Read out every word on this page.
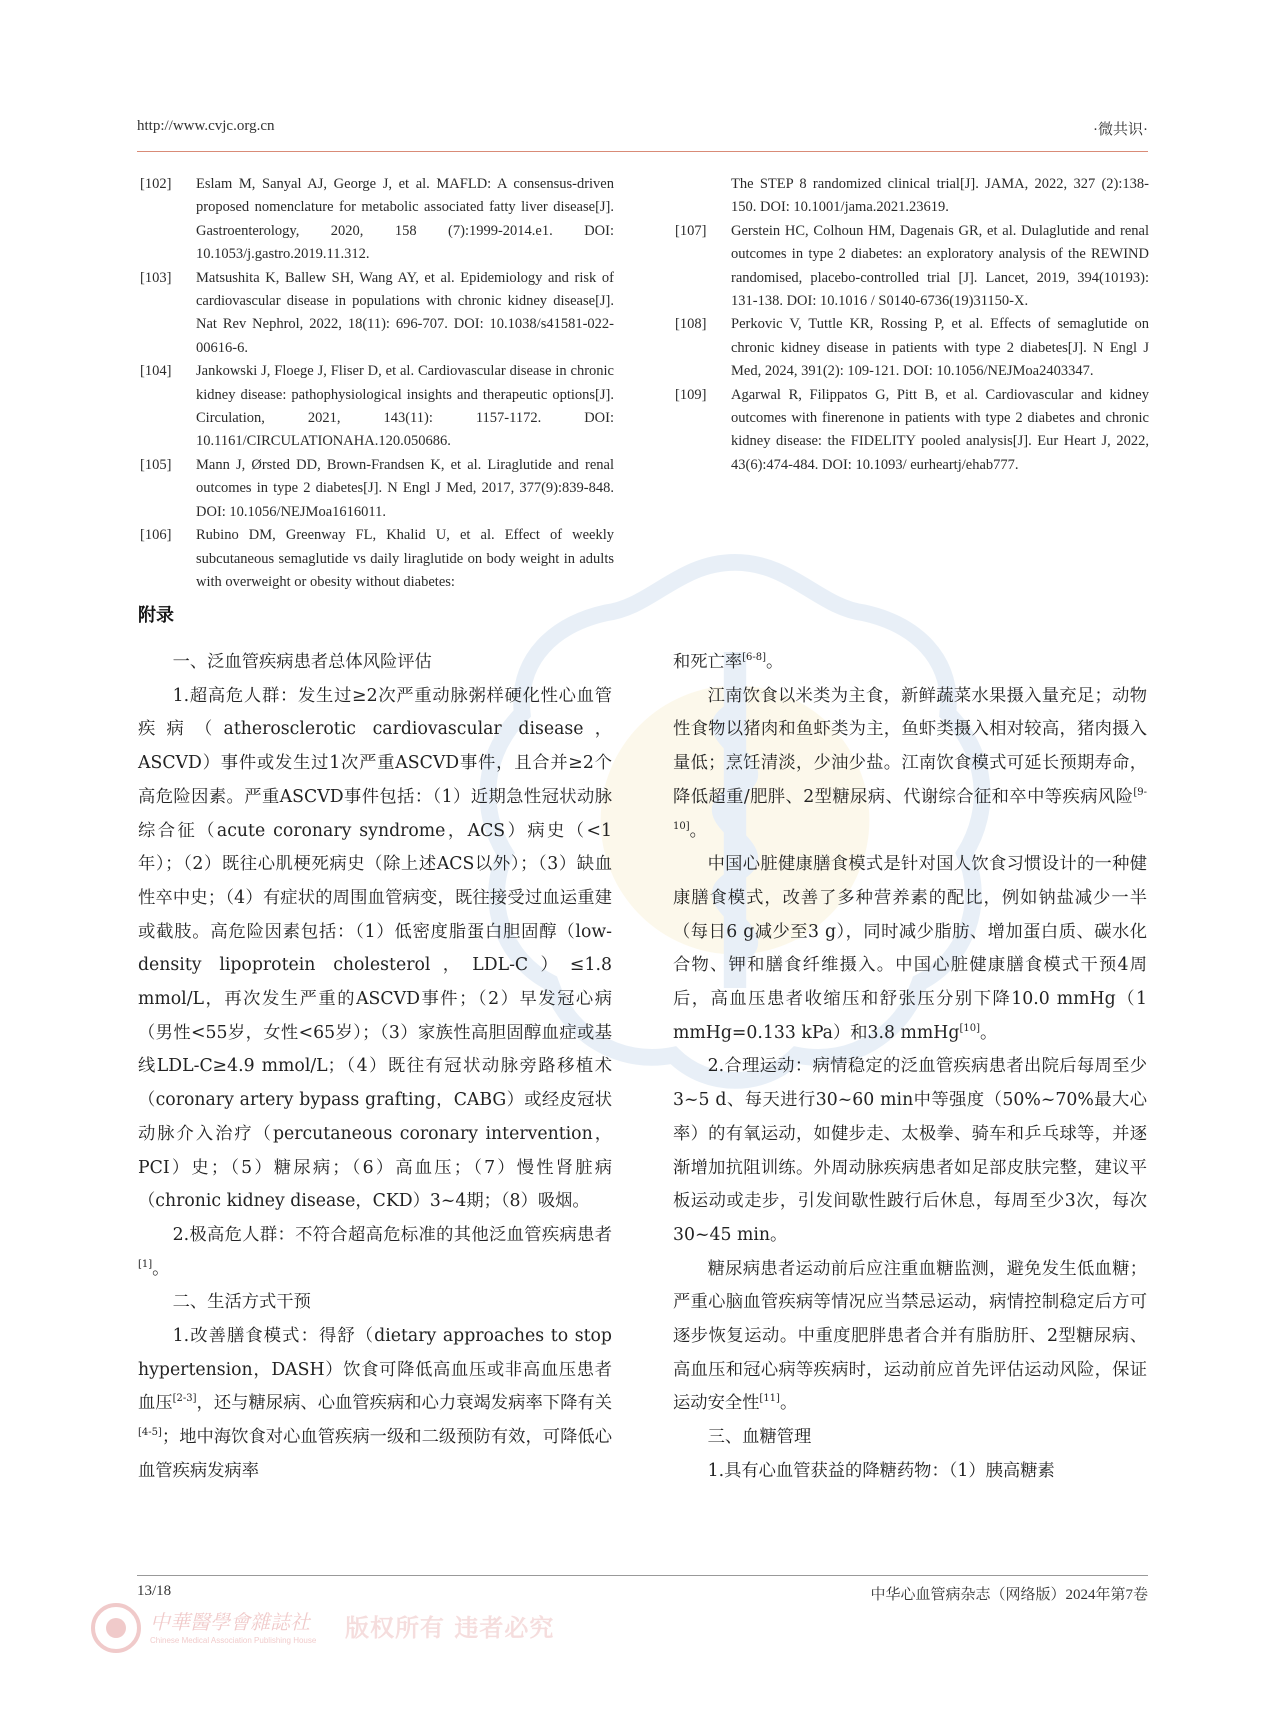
http://www.cvjc.org.cn	·微共识·
[102] Eslam M, Sanyal AJ, George J, et al. MAFLD: A consensus-driven proposed nomenclature for metabolic associated fatty liver disease[J]. Gastroenterology, 2020, 158 (7):1999-2014.e1. DOI: 10.1053/j.gastro.2019.11.312.
[103] Matsushita K, Ballew SH, Wang AY, et al. Epidemiology and risk of cardiovascular disease in populations with chronic kidney disease[J]. Nat Rev Nephrol, 2022, 18(11): 696-707. DOI: 10.1038/s41581-022-00616-6.
[104] Jankowski J, Floege J, Fliser D, et al. Cardiovascular disease in chronic kidney disease: pathophysiological insights and therapeutic options[J]. Circulation, 2021, 143(11): 1157-1172. DOI: 10.1161/CIRCULATIONAHA.120.050686.
[105] Mann J, Ørsted DD, Brown-Frandsen K, et al. Liraglutide and renal outcomes in type 2 diabetes[J]. N Engl J Med, 2017, 377(9):839-848. DOI: 10.1056/NEJMoa1616011.
[106] Rubino DM, Greenway FL, Khalid U, et al. Effect of weekly subcutaneous semaglutide vs daily liraglutide on body weight in adults with overweight or obesity without diabetes:
The STEP 8 randomized clinical trial[J]. JAMA, 2022, 327 (2):138-150. DOI: 10.1001/jama.2021.23619.
[107] Gerstein HC, Colhoun HM, Dagenais GR, et al. Dulaglutide and renal outcomes in type 2 diabetes: an exploratory analysis of the REWIND randomised, placebo-controlled trial [J]. Lancet, 2019, 394(10193): 131-138. DOI: 10.1016 / S0140-6736(19)31150-X.
[108] Perkovic V, Tuttle KR, Rossing P, et al. Effects of semaglutide on chronic kidney disease in patients with type 2 diabetes[J]. N Engl J Med, 2024, 391(2): 109-121. DOI: 10.1056/NEJMoa2403347.
[109] Agarwal R, Filippatos G, Pitt B, et al. Cardiovascular and kidney outcomes with finerenone in patients with type 2 diabetes and chronic kidney disease: the FIDELITY pooled analysis[J]. Eur Heart J, 2022, 43(6):474-484. DOI: 10.1093/ eurheartj/ehab777.
附录

一、泛血管疾病患者总体风险评估

1.超高危人群：发生过≥2次严重动脉粥样硬化性心血管疾病（atherosclerotic cardiovascular disease，ASCVD）事件或发生过1次严重ASCVD事件，且合并≥2个高危险因素。严重ASCVD事件包括：（1）近期急性冠状动脉综合征（acute coronary syndrome，ACS）病史（<1年）；（2）既往心肌梗死病史（除上述ACS以外）；（3）缺血性卒中史；（4）有症状的周围血管病变，既往接受过血运重建或截肢。高危险因素包括：（1）低密度脂蛋白胆固醇（low-density lipoprotein cholesterol，LDL-C）≤1.8 mmol/L，再次发生严重的ASCVD事件；（2）早发冠心病（男性<55岁，女性<65岁）；（3）家族性高胆固醇血症或基线LDL-C≥4.9 mmol/L；（4）既往有冠状动脉旁路移植术（coronary artery bypass grafting，CABG）或经皮冠状动脉介入治疗（percutaneous coronary intervention，PCI）史；（5）糖尿病；（6）高血压；（7）慢性肾脏病（chronic kidney disease，CKD）3~4期；（8）吸烟。

2.极高危人群：不符合超高危标准的其他泛血管疾病患者[1]。

二、生活方式干预

1.改善膳食模式：得舒（dietary approaches to stop hypertension，DASH）饮食可降低高血压或非高血压患者血压[2-3]，还与糖尿病、心血管疾病和心力衰竭发病率下降有关[4-5]；地中海饮食对心血管疾病一级和二级预防有效，可降低心血管疾病发病率

和死亡率[6-8]。

江南饮食以米类为主食，新鲜蔬菜水果摄入量充足；动物性食物以猪肉和鱼虾类为主，鱼虾类摄入相对较高，猪肉摄入量低；烹饪清淡，少油少盐。江南饮食模式可延长预期寿命，降低超重/肥胖、2型糖尿病、代谢综合征和卒中等疾病风险[9-10]。

中国心脏健康膳食模式是针对国人饮食习惯设计的一种健康膳食模式，改善了多种营养素的配比，例如钠盐减少一半（每日6 g减少至3 g），同时减少脂肪、增加蛋白质、碳水化合物、钾和膳食纤维摄入。中国心脏健康膳食模式干预4周后，高血压患者收缩压和舒张压分别下降10.0 mmHg（1 mmHg=0.133 kPa）和3.8 mmHg[10]。

2.合理运动：病情稳定的泛血管疾病患者出院后每周至少3~5 d、每天进行30~60 min中等强度（50%~70%最大心率）的有氧运动，如健步走、太极拳、骑车和乒乓球等，并逐渐增加抗阻训练。外周动脉疾病患者如足部皮肤完整，建议平板运动或走步，引发间歇性跛行后休息，每周至少3次，每次30~45 min。

糖尿病患者运动前后应注重血糖监测，避免发生低血糖；严重心脑血管疾病等情况应当禁忌运动，病情控制稳定后方可逐步恢复运动。中重度肥胖患者合并有脂肪肝、2型糖尿病、高血压和冠心病等疾病时，运动前应首先评估运动风险，保证运动安全性[11]。

三、血糖管理

1.具有心血管获益的降糖药物：（1）胰高糖素

13/18	中华心血管病杂志（网络版）2024年第7卷
中華醫學會雜誌社
Chinese Medical Association Publishing House 版权所有 违者必究
